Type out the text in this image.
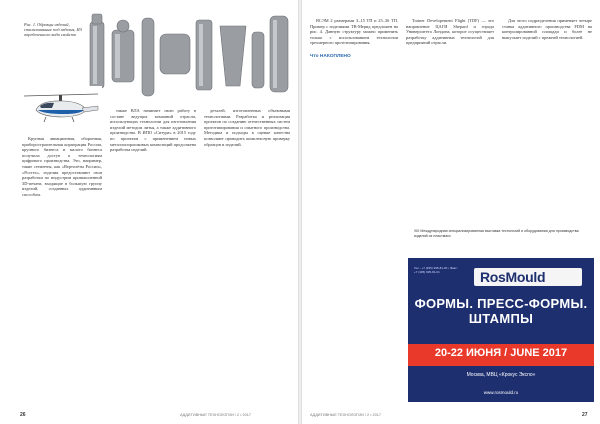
Рис. 1. Образцы изделий, стилизованные под изделия, ИЗ определенного вида свойств

Крупная авиационная, оборонная, приборостроительная корпорация России, крупного бизнеса и малого бизнеса получила доступ к технологиям цифрового производства. Это, например, такие сегменты, как «Вертолёты России», «Ростех», изделия предоставляют свои разработки по индустрии промышленной 3D-печати, входящие в большую группу изделий, созданных аддитивным способом.

также ВЛА начинает свою работу в составе ведущих компаний отрасли, использующих технологии для изготовления изделий методом литья, а также аддитивного производства. В ИПО «Ситура» в 2015 году по проектам с применением новых металлопорошковых композиций продолжена разработка изделий.

деталей, изготовленных объемными технологиями. Разработка и реализация проектов по созданию отечественных систем прототипирования и опытного производства. Методика и подходы к оценке качества позволяют проводить комплексную проверку образцов и изделий.

26	АДДИТИВНЫЕ ТЕХНОЛОГИИ / 2 • 2017

ВСЭМ 2 размерами 3–15 ТП и 25–36 ТП. Пример с изделиями ТВ-Мерид предложен на рис. 4. Данную структуру можно применить только с использованием технологии трехмерного прототипирования.

Что НАКОПЛЕНО

Trainer Developement Flight (TDF) — это направление ЦАГИ Shepard и города Университета Лондона, которое осуществляет разработку аддитивных технологий для предприятий отрасли.

Для этого подразделения применяет четыре станка аддитивного производства FDM на контролированной площади и более не выпускает изделий с прежней технологией.

АДДИТИВНЫЕ ТЕХНОЛОГИИ / 2 • 2017	27
XIII Международная специализированная выставка технологий и оборудования для производства изделий из пластмасс
Тел.: +7 (495) 935-81-00 • Факс: +7 (495) 935-81-01	RosMould
ФОРМЫ. ПРЕСС-ФОРМЫ. ШТАМПЫ
20-22 ИЮНЯ / JUNE 2017
Москва, МВЦ «Крокус Экспо»
www.rosmould.ru
